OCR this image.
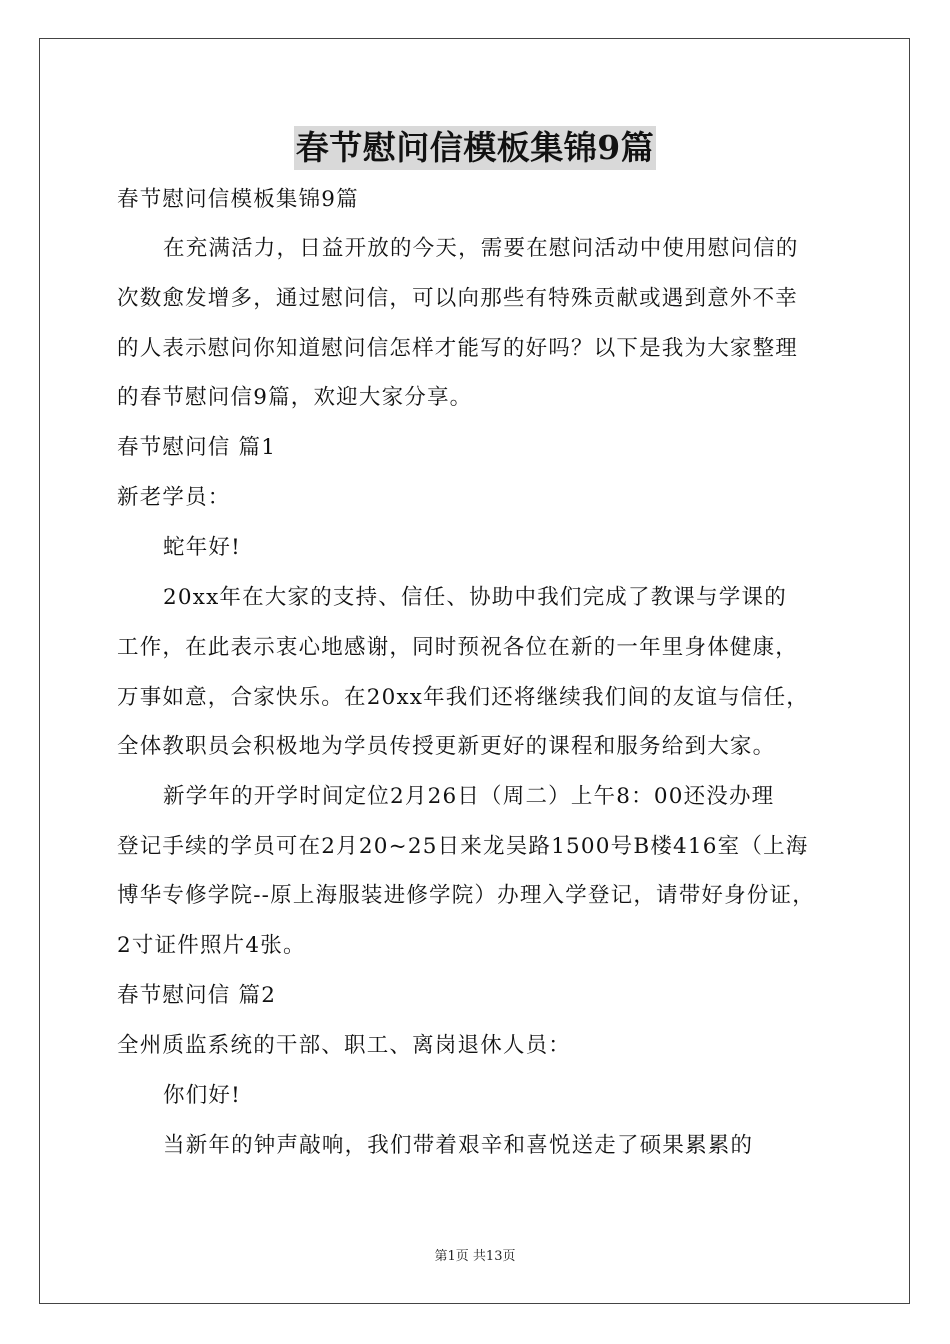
春节慰问信模板集锦9篇
春节慰问信模板集锦9篇
在充满活力，日益开放的今天，需要在慰问活动中使用慰问信的
次数愈发增多，通过慰问信，可以向那些有特殊贡献或遇到意外不幸
的人表示慰问你知道慰问信怎样才能写的好吗？以下是我为大家整理
的春节慰问信9篇，欢迎大家分享。
春节慰问信 篇1
新老学员：
蛇年好!
20xx年在大家的支持、信任、协助中我们完成了教课与学课的
工作，在此表示衷心地感谢，同时预祝各位在新的一年里身体健康，
万事如意，合家快乐。在20xx年我们还将继续我们间的友谊与信任，
全体教职员会积极地为学员传授更新更好的课程和服务给到大家。
新学年的开学时间定位2月26日（周二）上午8：00还没办理
登记手续的学员可在2月20~25日来龙吴路1500号B楼416室（上海
博华专修学院--原上海服装进修学院）办理入学登记，请带好身份证，
2寸证件照片4张。
春节慰问信 篇2
全州质监系统的干部、职工、离岗退休人员：
你们好!
当新年的钟声敲响，我们带着艰辛和喜悦送走了硕果累累的
第1页 共13页
